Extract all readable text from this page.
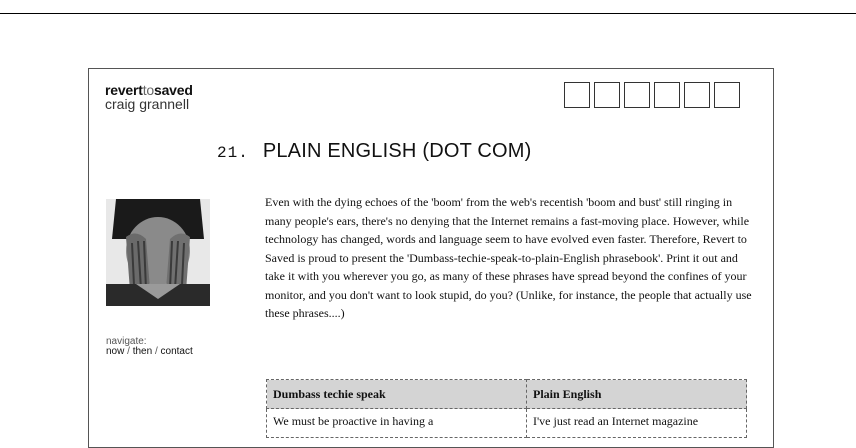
reverttosaved
craig grannell
21. PLAIN ENGLISH (DOT COM)
navigate:
now / then / contact
Even with the dying echoes of the 'boom' from the web's recentish 'boom and bust' still ringing in many people's ears, there's no denying that the Internet remains a fast-moving place. However, while technology has changed, words and language seem to have evolved even faster. Therefore, Revert to Saved is proud to present the 'Dumbass-techie-speak-to-plain-English phrasebook'. Print it out and take it with you wherever you go, as many of these phrases have spread beyond the confines of your monitor, and you don't want to look stupid, do you? (Unlike, for instance, the people that actually use these phrases....)
Dumbass techie speak	Plain English
We must be proactive in having a	I've just read an Internet magazine
